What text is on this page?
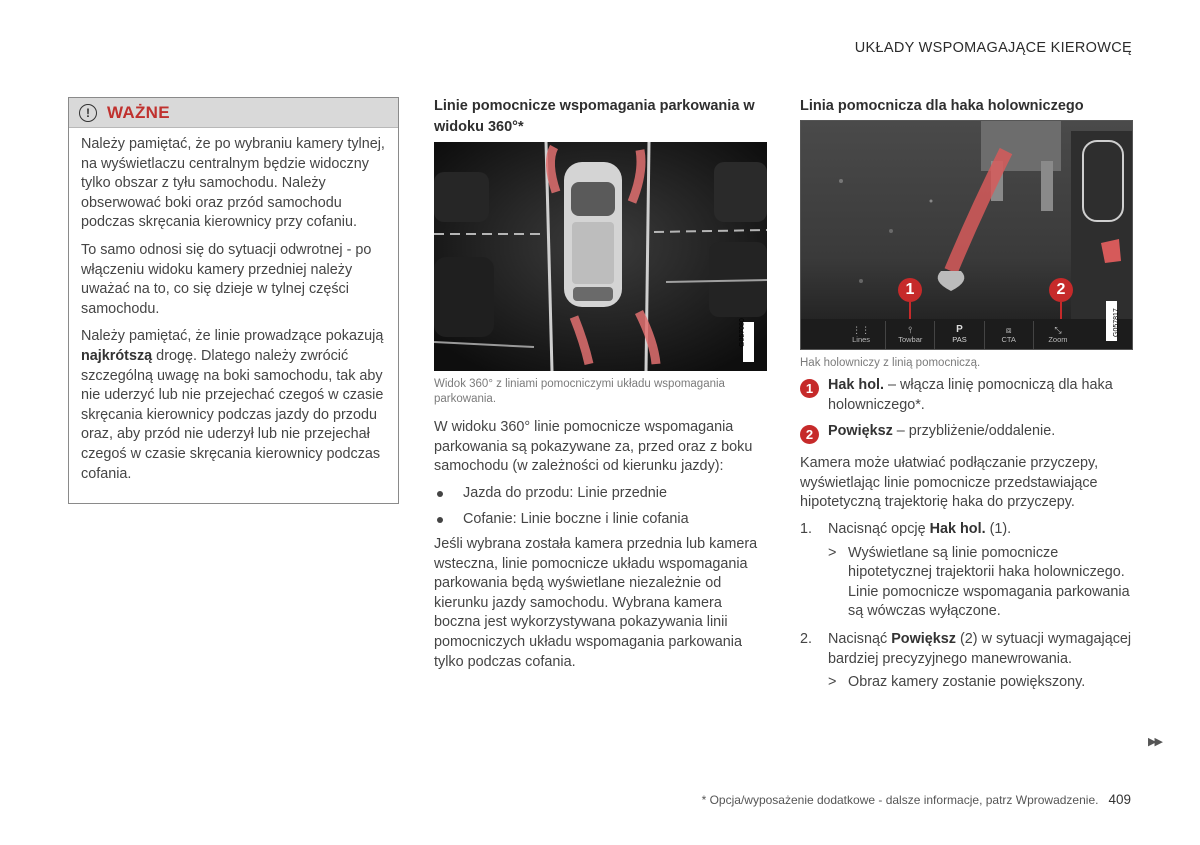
UKŁADY WSPOMAGAJĄCE KIEROWCĘ
!	WAŻNE

Należy pamiętać, że po wybraniu kamery tylnej, na wyświetlaczu centralnym będzie widoczny tylko obszar z tyłu samochodu. Należy obserwować boki oraz przód samochodu podczas skręcania kierownicy przy cofaniu.

To samo odnosi się do sytuacji odwrotnej - po włączeniu widoku kamery przedniej należy uważać na to, co się dzieje w tylnej części samochodu.

Należy pamiętać, że linie prowadzące pokazują najkrótszą drogę. Dlatego należy zwrócić szczególną uwagę na boki samochodu, tak aby nie uderzyć lub nie przejechać czegoś w czasie skręcania kierownicy podczas jazdy do przodu oraz, aby przód nie uderzył lub nie przejechał czegoś w czasie skręcania kierownicy podczas cofania.

Linie pomocnicze wspomagania parkowania w widoku 360°*
G057080
Widok 360° z liniami pomocniczymi układu wspomagania parkowania.
W widoku 360° linie pomocnicze wspomagania parkowania są pokazywane za, przed oraz z boku samochodu (w zależności od kierunku jazdy):
Jazda do przodu: Linie przednie
Cofanie: Linie boczne i linie cofania
Jeśli wybrana została kamera przednia lub kamera wsteczna, linie pomocnicze układu wspomagania parkowania będą wyświetlane niezależnie od kierunku jazdy samochodu. Wybrana kamera boczna jest wykorzystywana pokazywania linii pomocniczych układu wspomagania parkowania tylko podczas cofania.
Linia pomocnicza dla haka holowniczego
G057817
1	2
⋮⋮
Lines
⫯
Towbar
P
PAS
⧈
CTA
⤡
Zoom
Hak holowniczy z linią pomocniczą.
1	Hak hol. – włącza linię pomocniczą dla haka holowniczego*.
2	Powiększ – przybliżenie/oddalenie.
Kamera może ułatwiać podłączanie przyczepy, wyświetlając linie pomocnicze przedstawiające hipotetyczną trajektorię haka do przyczepy.
1.	Nacisnąć opcję Hak hol. (1).
> Wyświetlane są linie pomocnicze hipotetycznej trajektorii haka holowniczego. Linie pomocnicze wspomagania parkowania są wówczas wyłączone.
2.	Nacisnąć Powiększ (2) w sytuacji wymagającej bardziej precyzyjnego manewrowania.
> Obraz kamery zostanie powiększony.
▶▶
* Opcja/wyposażenie dodatkowe - dalsze informacje, patrz Wprowadzenie. 409
